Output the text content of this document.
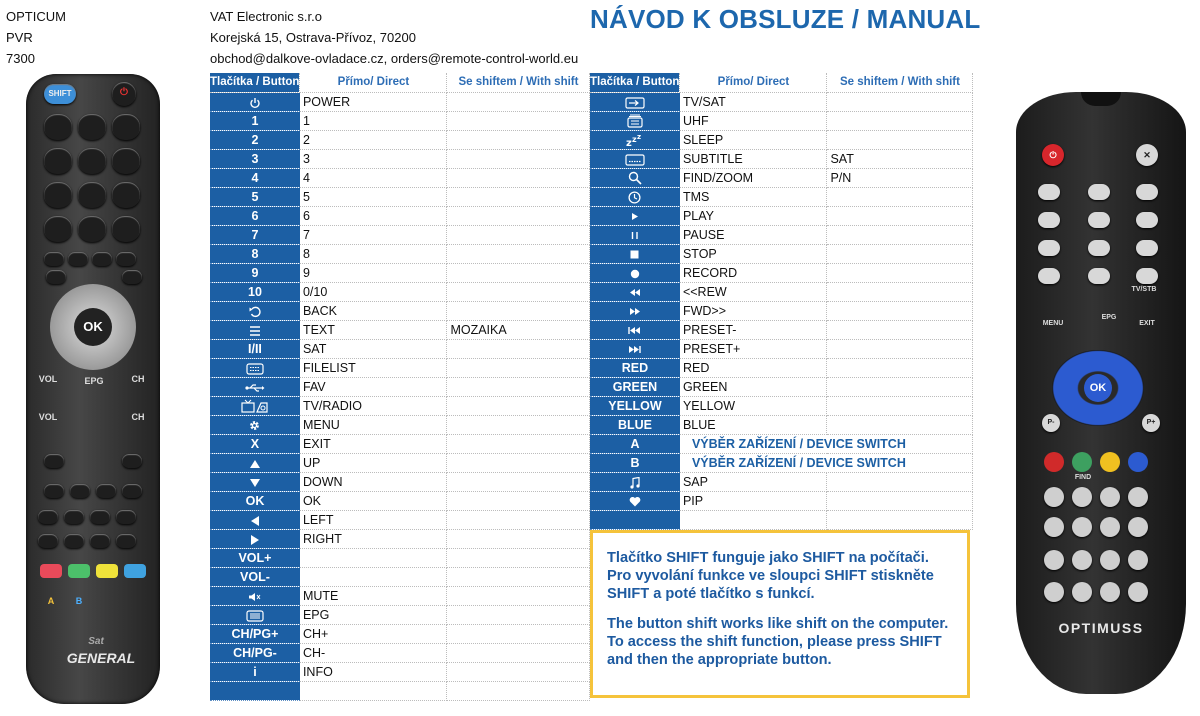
OPTICUM
PVR
7300
VAT Electronic s.r.o
Korejská 15, Ostrava-Přívoz, 70200
obchod@dalkove-ovladace.cz, orders@remote-control-world.eu
NÁVOD K OBSLUZE / MANUAL
Tlačítka / Button	Přímo/ Direct	Se shiftem / With shift
	POWER	
1	1	
2	2	
3	3	
4	4	
5	5	
6	6	
7	7	
8	8	
9	9	
10	0/10	
	BACK	
	TEXT	MOZAIKA
I/II	SAT	
	FILELIST	
	FAV	
	TV/RADIO	
	MENU	
X	EXIT	
	UP	
	DOWN	
OK	OK	
	LEFT	
	RIGHT	
VOL+		
VOL-		
	MUTE	
	EPG	
CH/PG+	CH+	
CH/PG-	CH-	
i	INFO	

Tlačítka / Button	Přímo/ Direct	Se shiftem / With shift
	TV/SAT	
	UHF	

z z z	SLEEP	
	SUBTITLE	SAT
	FIND/ZOOM	P/N
	TMS	
	PLAY	
	PAUSE	
	STOP	
	RECORD	
	<<REW	
	FWD>>	
	PRESET-	
	PRESET+	
RED	RED	
GREEN	GREEN	
YELLOW	YELLOW	
BLUE	BLUE	
A	VÝBĚR ZAŘÍZENÍ / DEVICE SWITCH	
B	VÝBĚR ZAŘÍZENÍ / DEVICE SWITCH	
	SAP	
	PIP	

Tlačítko SHIFT funguje jako SHIFT na počítači. Pro vyvolání funkce ve sloupci SHIFT stiskněte SHIFT a poté tlačítko s funkcí.

The button shift works like shift on the computer. To access the shift function, please press SHIFT and then the appropriate button.

SHIFT	⏻
OK
EPG
VOL
VOL
CH
CH
A	B
Sat
GENERAL
⏻	✕
TV/STB
MENU
EPG
EXIT
OK
P-	P+
FIND
OPTIMUSS
